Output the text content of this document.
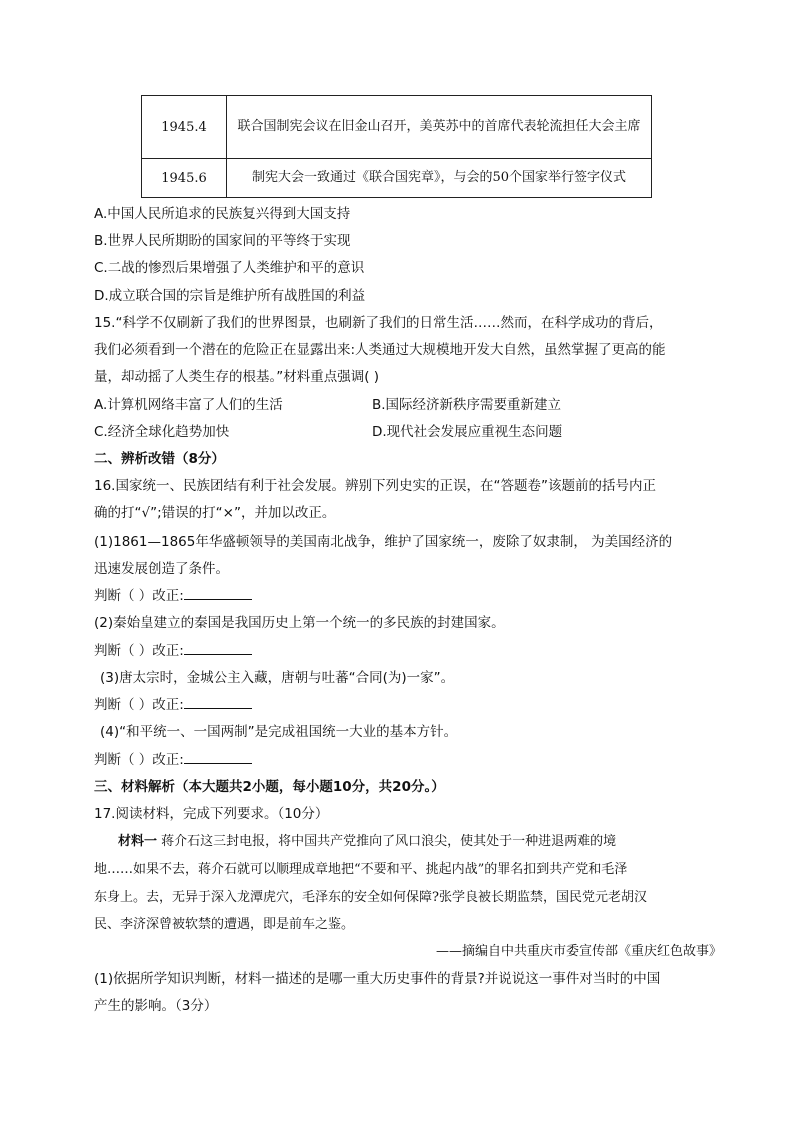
1945.4	联合国制宪会议在旧金山召开，美英苏中的首席代表轮流担任大会主席
1945.6	制宪大会一致通过《联合国宪章》，与会的50个国家举行签字仪式
A.中国人民所追求的民族复兴得到大国支持
B.世界人民所期盼的国家间的平等终于实现
C.二战的惨烈后果增强了人类维护和平的意识
D.成立联合国的宗旨是维护所有战胜国的利益
15.“科学不仅刷新了我们的世界图景，也刷新了我们的日常生活……然而，在科学成功的背后，
我们必须看到一个潜在的危险正在显露出来:人类通过大规模地开发大自然，虽然掌握了更高的能
量，却动摇了人类生存的根基。”材料重点强调( )
A.计算机网络丰富了人们的生活	B.国际经济新秩序需要重新建立
C.经济全球化趋势加快	D.现代社会发展应重视生态问题
二、辨析改错（8分）
16.国家统一、民族团结有利于社会发展。辨别下列史实的正误，在“答题卷”该题前的括号内正
确的打“√”;错误的打“×”，并加以改正。
(1)1861—1865年华盛顿领导的美国南北战争，维护了国家统一，废除了奴隶制， 为美国经济的
迅速发展创造了条件。
判断（ ）改正:
(2)秦始皇建立的秦国是我国历史上第一个统一的多民族的封建国家。
判断（ ）改正:
(3)唐太宗时，金城公主入藏，唐朝与吐蕃“合同(为)一家”。
判断（ ）改正:
(4)“和平统一、一国两制”是完成祖国统一大业的基本方针。
判断（ ）改正:
三、材料解析（本大题共2小题，每小题10分，共20分。）
17.阅读材料，完成下列要求。（10分）
材料一 蒋介石这三封电报，将中国共产党推向了风口浪尖，使其处于一种进退两难的境
地……如果不去，蒋介石就可以顺理成章地把“不要和平、挑起内战”的罪名扣到共产党和毛泽
东身上。去，无异于深入龙潭虎穴，毛泽东的安全如何保障?张学良被长期监禁，国民党元老胡汉
民、李济深曾被软禁的遭遇，即是前车之鉴。
——摘编自中共重庆市委宣传部《重庆红色故事》
(1)依据所学知识判断，材料一描述的是哪一重大历史事件的背景?并说说这一事件对当时的中国
产生的影响。（3分）
